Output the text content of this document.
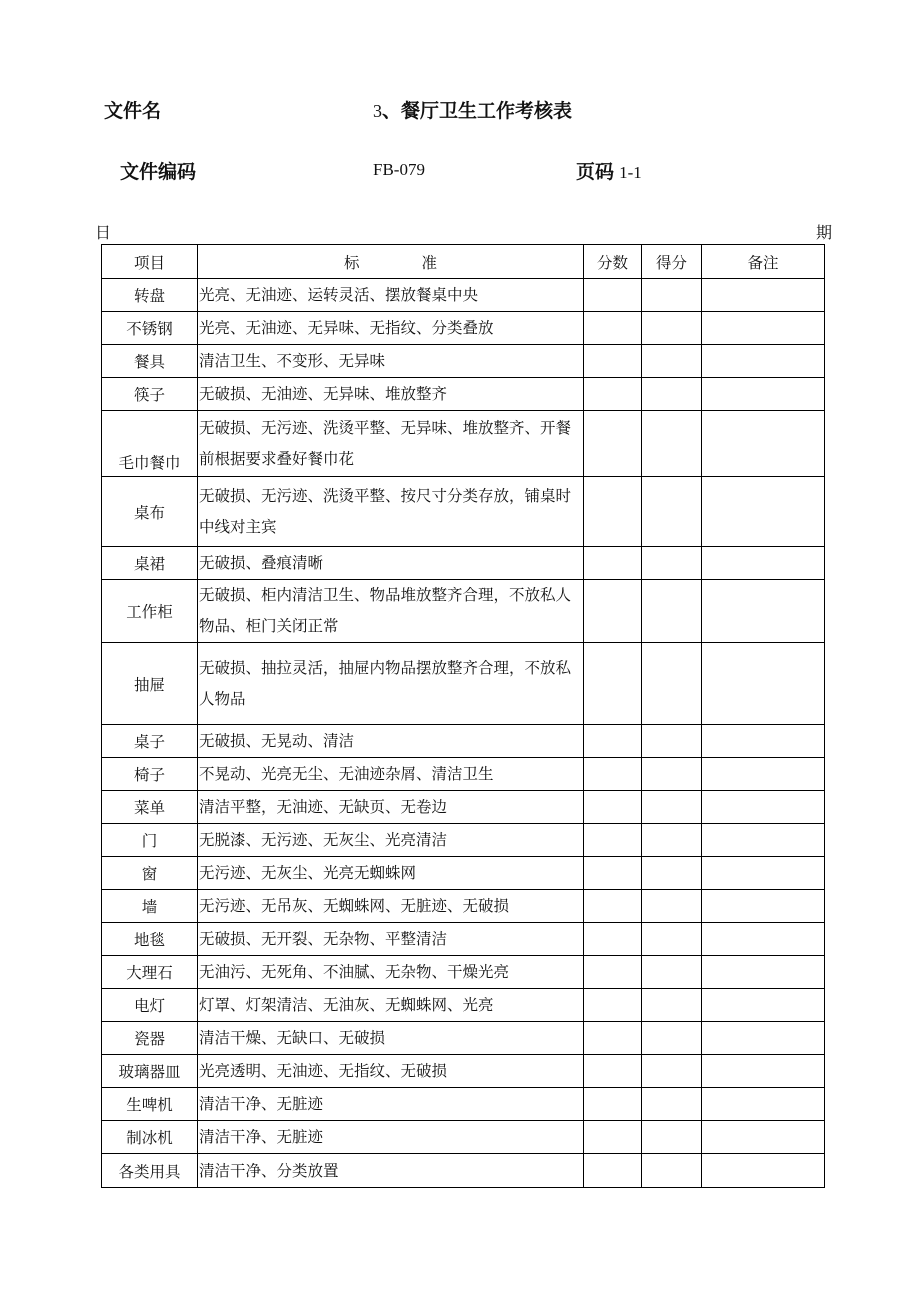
文件名	3、餐厅卫生工作考核表
文件编码	FB-079	页码 1-1
日	期
项目	标 准	分数	得分	备注
转盘	光亮、无油迹、运转灵活、摆放餐桌中央			
不锈钢	光亮、无油迹、无异味、无指纹、分类叠放			
餐具	清洁卫生、不变形、无异味			
筷子	无破损、无油迹、无异味、堆放整齐			
毛巾餐巾	无破损、无污迹、洗烫平整、无异味、堆放整齐、开餐前根据要求叠好餐巾花			
桌布	无破损、无污迹、洗烫平整、按尺寸分类存放，铺桌时中线对主宾			
桌裙	无破损、叠痕清晰			
工作柜	无破损、柜内清洁卫生、物品堆放整齐合理，不放私人物品、柜门关闭正常			
抽屉	无破损、抽拉灵活，抽屉内物品摆放整齐合理，不放私人物品			
桌子	无破损、无晃动、清洁			
椅子	不晃动、光亮无尘、无油迹杂屑、清洁卫生			
菜单	清洁平整，无油迹、无缺页、无卷边			
门	无脱漆、无污迹、无灰尘、光亮清洁			
窗	无污迹、无灰尘、光亮无蜘蛛网			
墙	无污迹、无吊灰、无蜘蛛网、无脏迹、无破损			
地毯	无破损、无开裂、无杂物、平整清洁			
大理石	无油污、无死角、不油腻、无杂物、干燥光亮			
电灯	灯罩、灯架清洁、无油灰、无蜘蛛网、光亮			
瓷器	清洁干燥、无缺口、无破损			
玻璃器皿	光亮透明、无油迹、无指纹、无破损			
生啤机	清洁干净、无脏迹			
制冰机	清洁干净、无脏迹			
各类用具	清洁干净、分类放置			
